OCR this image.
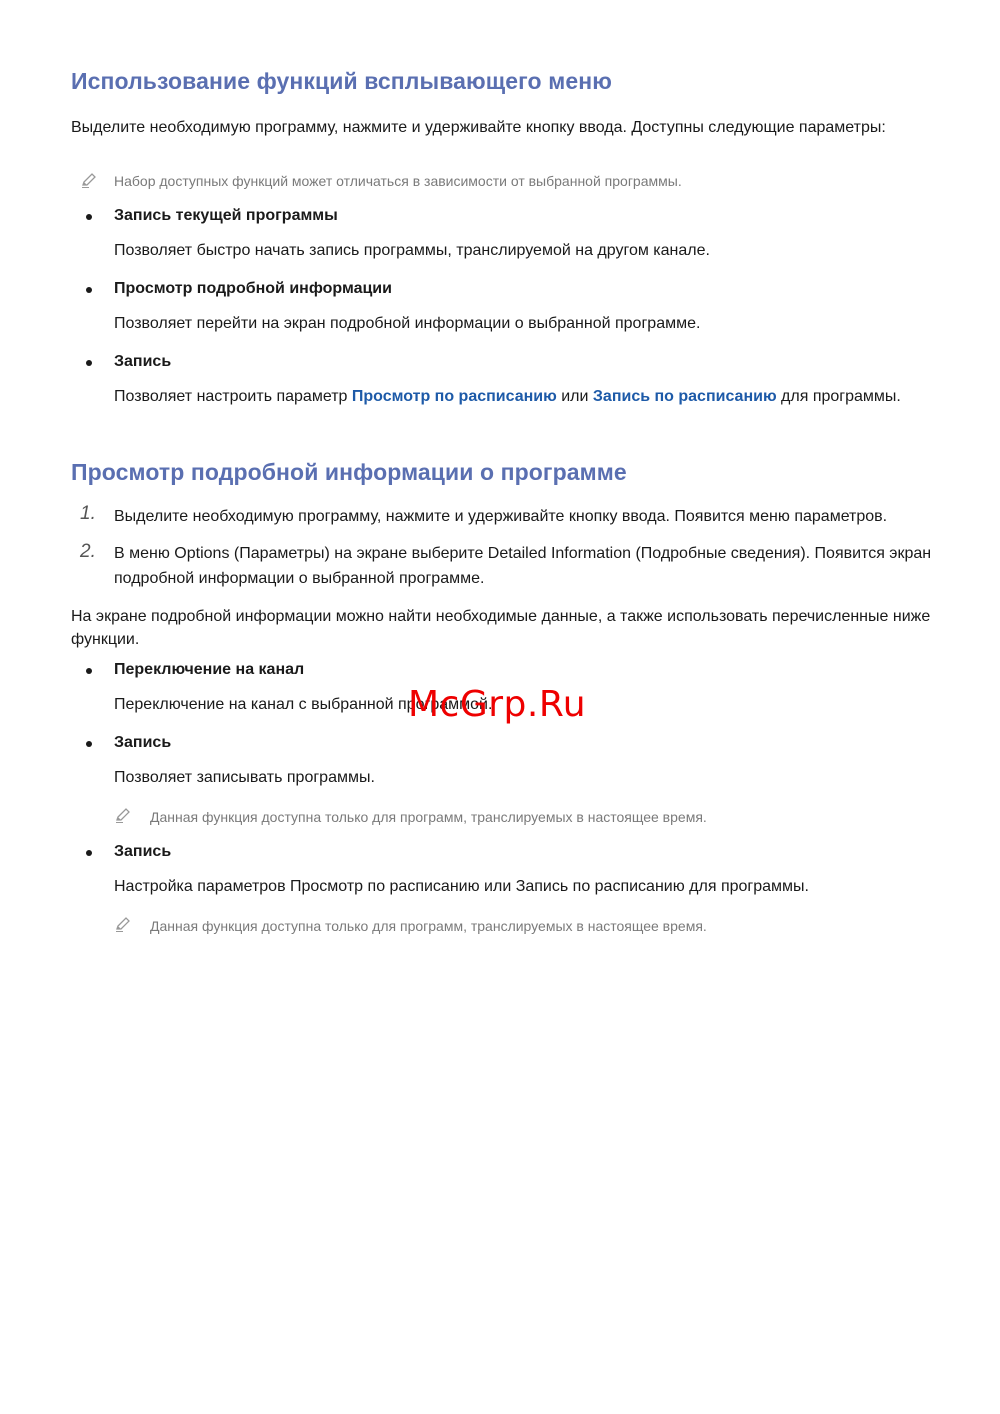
Использование функций всплывающего меню

Выделите необходимую программу, нажмите и удерживайте кнопку ввода. Доступны следующие параметры:

Набор доступных функций может отличаться в зависимости от выбранной программы.
Запись текущей программы
Позволяет быстро начать запись программы, транслируемой на другом канале.
Просмотр подробной информации
Позволяет перейти на экран подробной информации о выбранной программе.
Запись
Позволяет настроить параметр Просмотр по расписанию или Запись по расписанию для программы.
Просмотр подробной информации о программе
1. Выделите необходимую программу, нажмите и удерживайте кнопку ввода. Появится меню параметров.

2. В меню Options (Параметры) на экране выберите Detailed Information (Подробные сведения). Появится экран подробной информации о выбранной программе.

На экране подробной информации можно найти необходимые данные, а также использовать перечисленные ниже функции.

Переключение на канал
Переключение на канал с выбранной программой.
Запись
Позволяет записывать программы.
Данная функция доступна только для программ, транслируемых в настоящее время.
Запись
Настройка параметров Просмотр по расписанию или Запись по расписанию для программы.
Данная функция доступна только для программ, транслируемых в настоящее время.
McGrp.Ru
